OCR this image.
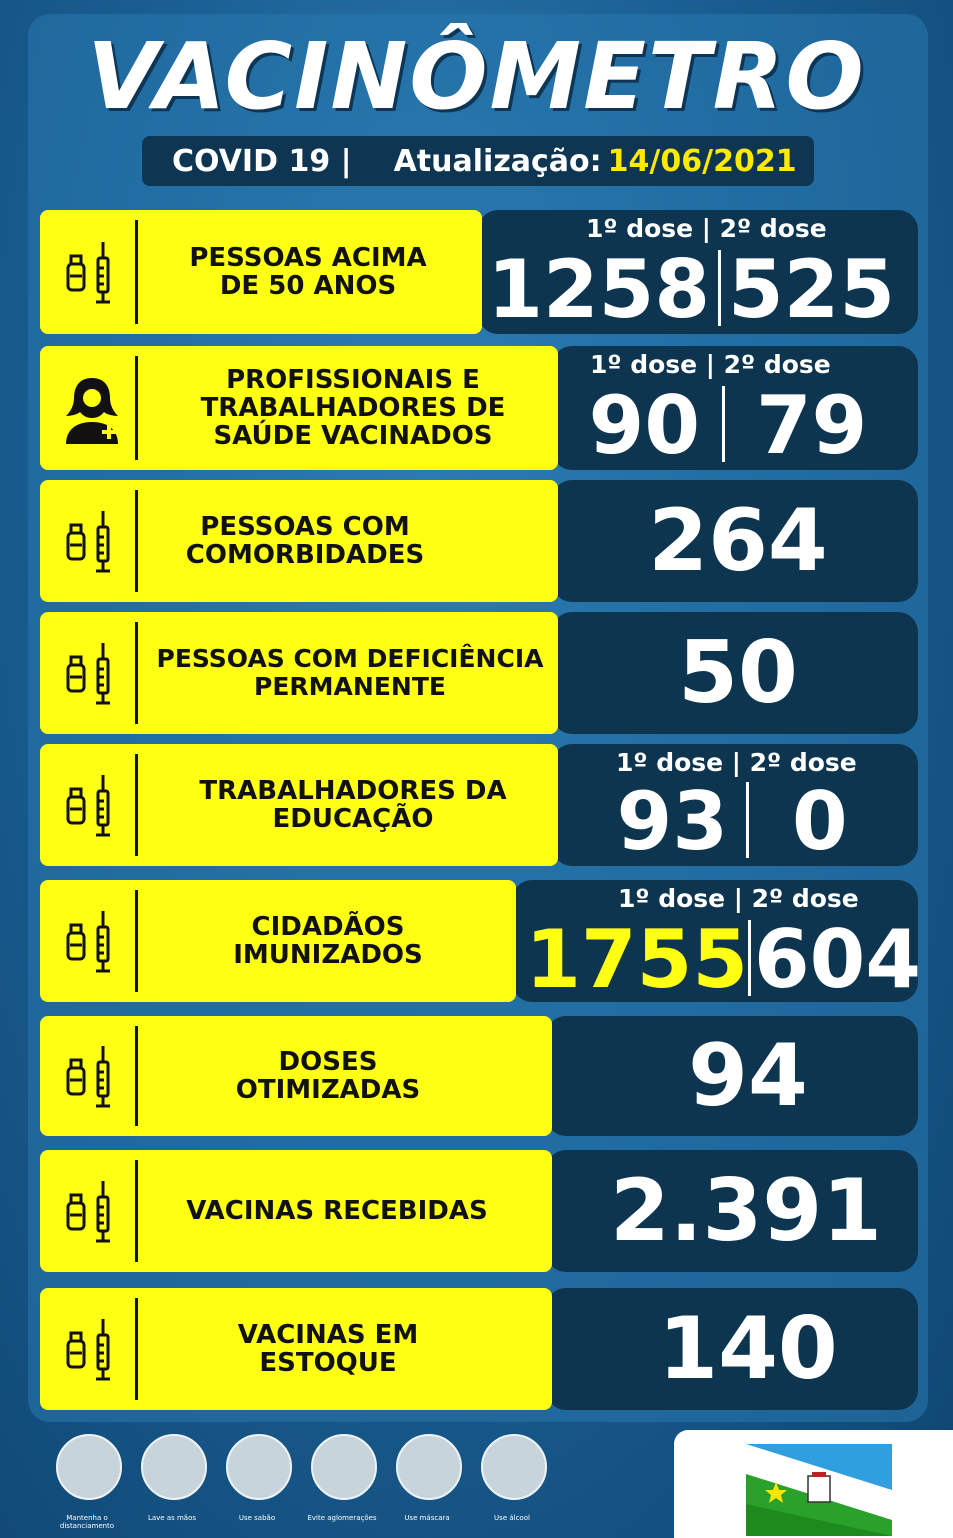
VACINÔMETRO
COVID 19 | Atualização: 14/06/2021
PESSOAS ACIMA DE 50 ANOS
1º dose | 2º dose
1258 525
PROFISSIONAIS E TRABALHADORES DE SAÚDE VACINADOS
1º dose | 2º dose
90 79
PESSOAS COM COMORBIDADES	264
PESSOAS COM DEFICIÊNCIA PERMANENTE	50
TRABALHADORES DA EDUCAÇÃO
1º dose | 2º dose
93 0
CIDADÃOS IMUNIZADOS
1º dose | 2º dose
1755 604
DOSES OTIMIZADAS	94
VACINAS RECEBIDAS	2.391
VACINAS EM ESTOQUE	140
Mantenha o distanciamento
Lave as mãos	Use sabão	Evite aglomerações	Use máscara	Use álcool
